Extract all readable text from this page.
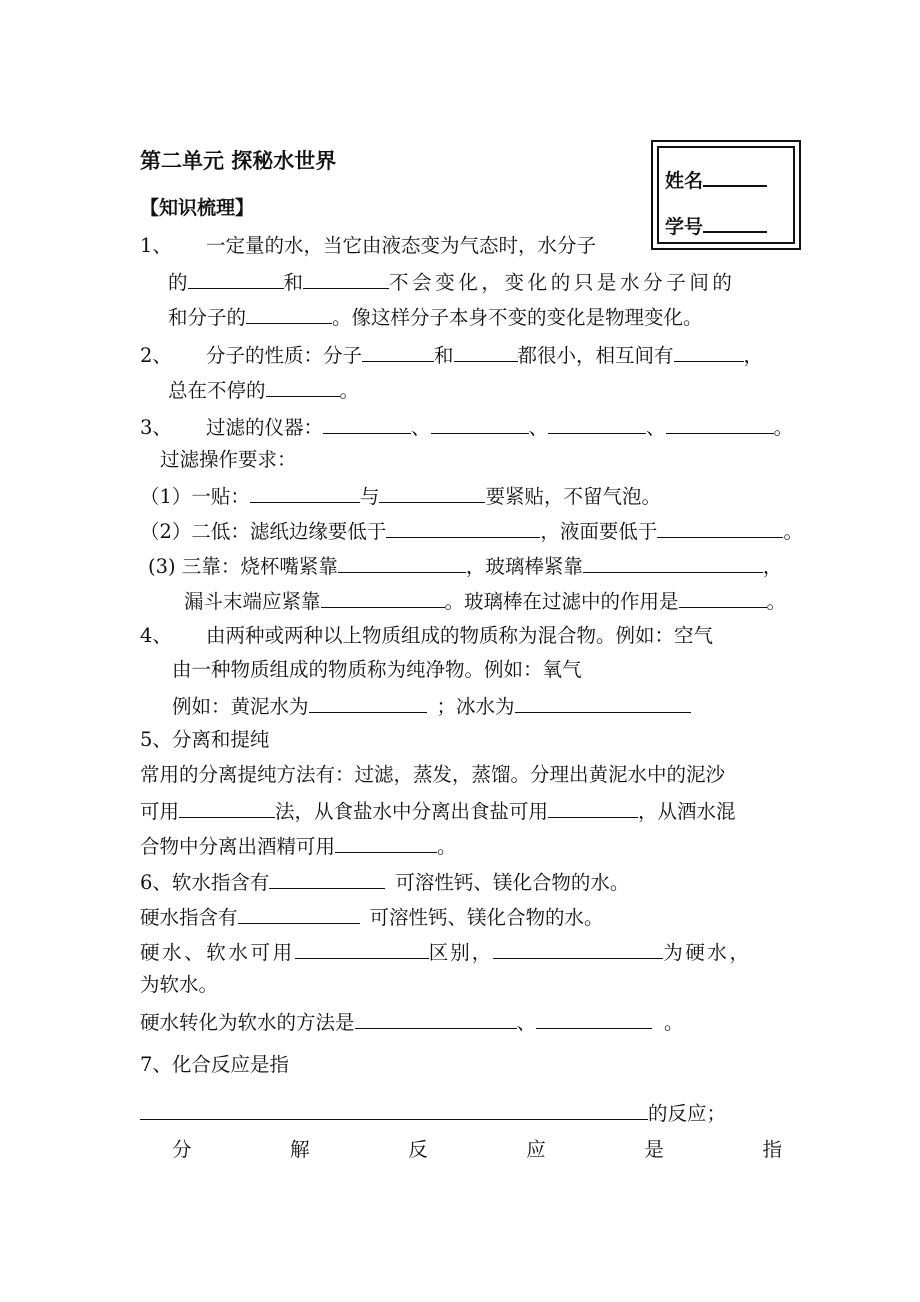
第二单元 探秘水世界
【知识梳理】
姓名
学号
1、 一定量的水，当它由液态变为气态时，水分子
的	和	不会变化，变化的只是水分子间的
和分子的	。像这样分子本身不变的变化是物理变化。
2、 分子的性质：分子	和	都很小，相互间有	，
总在不停的	。
3、 过滤的仪器：	、	、	、	。
过滤操作要求：
（1）一贴：	与	要紧贴，不留气泡。
（2）二低：滤纸边缘要低于	，液面要低于	。
(3) 三靠：烧杯嘴紧靠	，玻璃棒紧靠	，
漏斗末端应紧靠	。玻璃棒在过滤中的作用是	。
4、 由两种或两种以上物质组成的物质称为混合物。例如：空气
由一种物质组成的物质称为纯净物。例如：氧气
例如：黄泥水为	；冰水为
5、分离和提纯
常用的分离提纯方法有：过滤，蒸发，蒸馏。分理出黄泥水中的泥沙
可用	法，从食盐水中分离出食盐可用	，从酒水混
合物中分离出酒精可用	。
6、软水指含有	可溶性钙、镁化合物的水。
硬水指含有	可溶性钙、镁化合物的水。
硬水、软水可用	区别，	为硬水，
为软水。
硬水转化为软水的方法是	、	。
7、化合反应是指
的反应；
分	解	反	应	是	指
